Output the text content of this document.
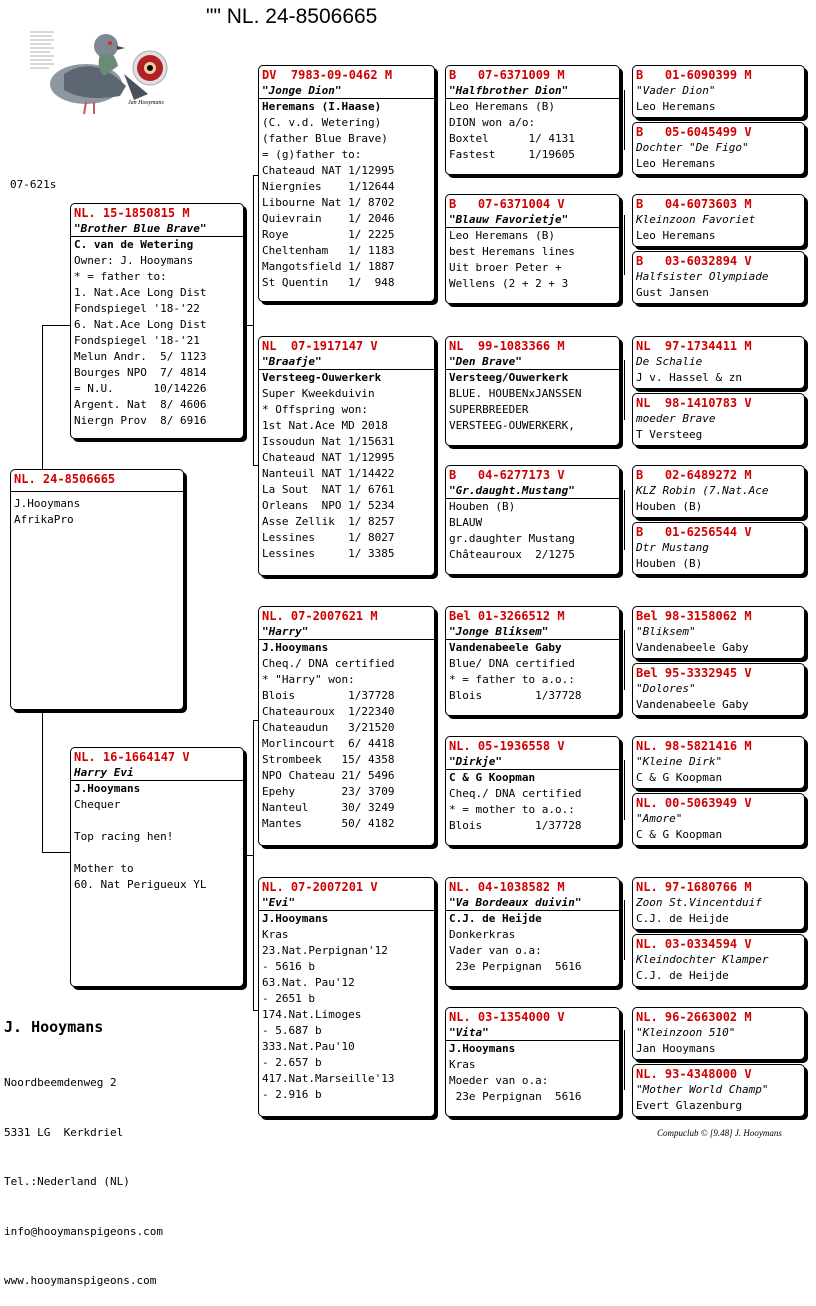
"" NL. 24-8506665
Jan Hooymans
07-621s
NL. 24-8506665
J.Hooymans
AfrikaPro
NL. 15-1850815 M
"Brother Blue Brave"
C. van de Wetering
Owner: J. Hooymans
* = father to:
1. Nat.Ace Long Dist
Fondspiegel '18-'22
6. Nat.Ace Long Dist
Fondspiegel '18-'21
Melun Andr.  5/ 1123
Bourges NPO  7/ 4814
= N.U.      10/14226
Argent. Nat  8/ 4606
Niergn Prov  8/ 6916
NL. 16-1664147 V
Harry Evi
J.Hooymans
Chequer
Top racing hen!
Mother to
60. Nat Perigueux YL
DV  7983-09-0462 M
"Jonge Dion"
Heremans (I.Haase)
(C. v.d. Wetering)
(father Blue Brave)
= (g)father to:
Chateaud NAT 1/12995
Niergnies    1/12644
Libourne Nat 1/ 8702
Quievrain    1/ 2046
Roye         1/ 2225
Cheltenham   1/ 1183
Mangotsfield 1/ 1887
St Quentin   1/  948
NL  07-1917147 V
"Braafje"
Versteeg-Ouwerkerk
Super Kweekduivin
* Offspring won:
1st Nat.Ace MD 2018
Issoudun Nat 1/15631
Chateaud NAT 1/12995
Nanteuil NAT 1/14422
La Sout  NAT 1/ 6761
Orleans  NPO 1/ 5234
Asse Zellik  1/ 8257
Lessines     1/ 8027
Lessines     1/ 3385
NL. 07-2007621 M
"Harry"
J.Hooymans
Cheq./ DNA certified
* "Harry" won:
Blois        1/37728
Chateauroux  1/22340
Chateaudun   3/21520
Morlincourt  6/ 4418
Strombeek   15/ 4358
NPO Chateau 21/ 5496
Epehy       23/ 3709
Nanteul     30/ 3249
Mantes      50/ 4182
NL. 07-2007201 V
"Evi"
J.Hooymans
Kras
23.Nat.Perpignan'12
- 5616 b
63.Nat. Pau'12
- 2651 b
174.Nat.Limoges
- 5.687 b
333.Nat.Pau'10
- 2.657 b
417.Nat.Marseille'13
- 2.916 b
B   07-6371009 M
"Halfbrother Dion"
Leo Heremans (B)
DION won a/o:
Boxtel      1/ 4131
Fastest     1/19605
B   07-6371004 V
"Blauw Favorietje"
Leo Heremans (B)
best Heremans lines
Uit broer Peter +
Wellens (2 + 2 + 3
NL  99-1083366 M
"Den Brave"
Versteeg/Ouwerkerk
BLUE. HOUBENxJANSSEN
SUPERBREEDER
VERSTEEG-OUWERKERK,
B   04-6277173 V
"Gr.daught.Mustang"
Houben (B)
BLAUW
gr.daughter Mustang
Châteauroux  2/1275
Bel 01-3266512 M
"Jonge Bliksem"
Vandenabeele Gaby
Blue/ DNA certified
* = father to a.o.:
Blois        1/37728
NL. 05-1936558 V
"Dirkje"
C & G Koopman
Cheq./ DNA certified
* = mother to a.o.:
Blois        1/37728
NL. 04-1038582 M
"Va Bordeaux duivin"
C.J. de Heijde
Donkerkras
Vader van o.a:
23e Perpignan  5616
NL. 03-1354000 V
"Vita"
J.Hooymans
Kras
Moeder van o.a:
23e Perpignan  5616
B   01-6090399 M
"Vader Dion"
Leo Heremans
B   05-6045499 V
Dochter "De Figo"
Leo Heremans
B   04-6073603 M
Kleinzoon Favoriet
Leo Heremans
B   03-6032894 V
Halfsister Olympiade
Gust Jansen
NL  97-1734411 M
De Schalie
J v. Hassel & zn
NL  98-1410783 V
moeder Brave
T Versteeg
B   02-6489272 M
KLZ Robin (7.Nat.Ace
Houben (B)
B   01-6256544 V
Dtr Mustang
Houben (B)
Bel 98-3158062 M
"Bliksem"
Vandenabeele Gaby
Bel 95-3332945 V
"Dolores"
Vandenabeele Gaby
NL. 98-5821416 M
"Kleine Dirk"
C & G Koopman
NL. 00-5063949 V
"Amore"
C & G Koopman
NL. 97-1680766 M
Zoon St.Vincentduif
C.J. de Heijde
NL. 03-0334594 V
Kleindochter Klamper
C.J. de Heijde
NL. 96-2663002 M
"Kleinzoon 510"
Jan Hooymans
NL. 93-4348000 V
"Mother World Champ"
Evert Glazenburg
J. Hooymans

Noordbeemdenweg 2

5331 LG  Kerkdriel

Tel.:Nederland (NL)

info@hooymanspigeons.com

www.hooymanspigeons.com

Compuclub © [9.48] J. Hooymans
